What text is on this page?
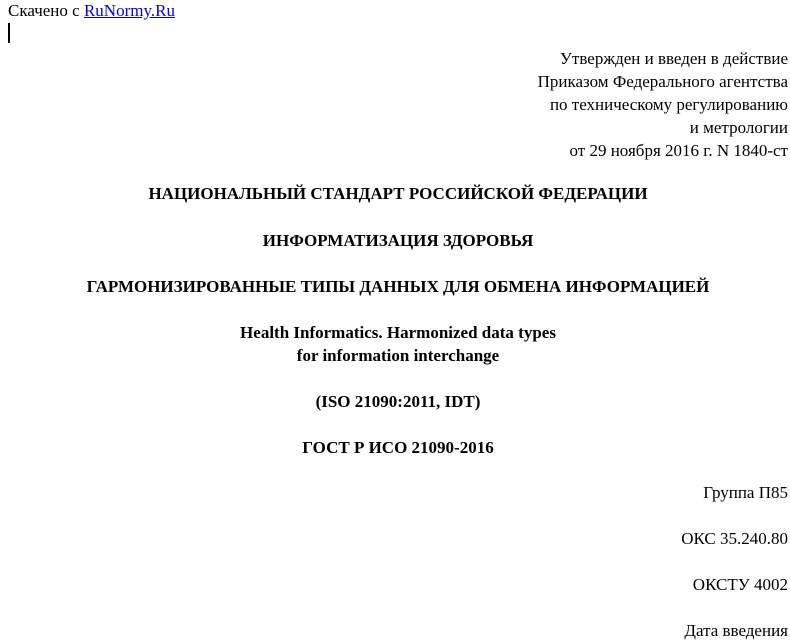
Скачено с RuNormy.Ru
Утвержден и введен в действие
Приказом Федерального агентства
по техническому регулированию
и метрологии
от 29 ноября 2016 г. N 1840-ст
НАЦИОНАЛЬНЫЙ СТАНДАРТ РОССИЙСКОЙ ФЕДЕРАЦИИ
ИНФОРМАТИЗАЦИЯ ЗДОРОВЬЯ
ГАРМОНИЗИРОВАННЫЕ ТИПЫ ДАННЫХ ДЛЯ ОБМЕНА ИНФОРМАЦИЕЙ
Health Informatics. Harmonized data types
for information interchange
(ISO 21090:2011, IDT)
ГОСТ Р ИСО 21090-2016
Группа П85
ОКС 35.240.80
ОКСТУ 4002
Дата введения
